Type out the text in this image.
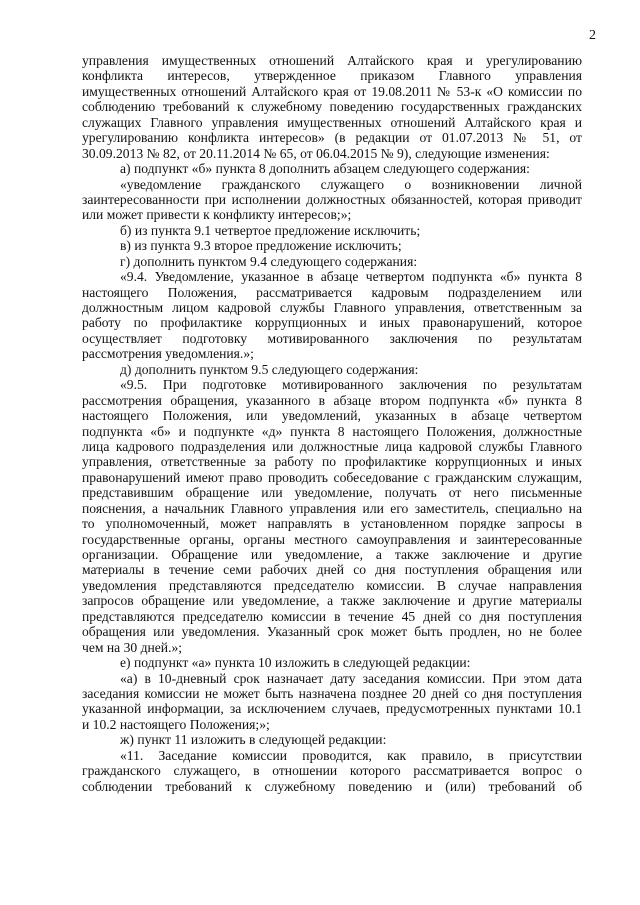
2
управления имущественных отношений Алтайского края и урегулированию
конфликта интересов, утвержденное приказом Главного управления
имущественных отношений Алтайского края от 19.08.2011 № 53-к «О комиссии по
соблюдению требований к служебному поведению государственных гражданских
служащих Главного управления имущественных отношений Алтайского края и
урегулированию конфликта интересов» (в редакции от 01.07.2013 № 51, от
30.09.2013 № 82, от 20.11.2014 № 65, от 06.04.2015 № 9), следующие изменения:
а) подпункт «б» пункта 8 дополнить абзацем следующего содержания:
«уведомление гражданского служащего о возникновении личной
заинтересованности при исполнении должностных обязанностей, которая приводит
или может привести к конфликту интересов;»;
б) из пункта 9.1 четвертое предложение исключить;
в) из пункта 9.3 второе предложение исключить;
г) дополнить пунктом 9.4 следующего содержания:
«9.4. Уведомление, указанное в абзаце четвертом подпункта «б» пункта 8
настоящего Положения, рассматривается кадровым подразделением или
должностным лицом кадровой службы Главного управления, ответственным за
работу по профилактике коррупционных и иных правонарушений, которое
осуществляет подготовку мотивированного заключения по результатам
рассмотрения уведомления.»;
д) дополнить пунктом 9.5 следующего содержания:
«9.5. При подготовке мотивированного заключения по результатам
рассмотрения обращения, указанного в абзаце втором подпункта «б» пункта 8
настоящего Положения, или уведомлений, указанных в абзаце четвертом
подпункта «б» и подпункте «д» пункта 8 настоящего Положения, должностные
лица кадрового подразделения или должностные лица кадровой службы Главного
управления, ответственные за работу по профилактике коррупционных и иных
правонарушений имеют право проводить собеседование с гражданским служащим,
представившим обращение или уведомление, получать от него письменные
пояснения, а начальник Главного управления или его заместитель, специально на
то уполномоченный, может направлять в установленном порядке запросы в
государственные органы, органы местного самоуправления и заинтересованные
организации. Обращение или уведомление, а также заключение и другие
материалы в течение семи рабочих дней со дня поступления обращения или
уведомления представляются председателю комиссии. В случае направления
запросов обращение или уведомление, а также заключение и другие материалы
представляются председателю комиссии в течение 45 дней со дня поступления
обращения или уведомления. Указанный срок может быть продлен, но не более
чем на 30 дней.»;
е) подпункт «а» пункта 10 изложить в следующей редакции:
«а) в 10-дневный срок назначает дату заседания комиссии. При этом дата
заседания комиссии не может быть назначена позднее 20 дней со дня поступления
указанной информации, за исключением случаев, предусмотренных пунктами 10.1
и 10.2 настоящего Положения;»;
ж) пункт 11 изложить в следующей редакции:
«11. Заседание комиссии проводится, как правило, в присутствии
гражданского служащего, в отношении которого рассматривается вопрос о
соблюдении требований к служебному поведению и (или) требований об
